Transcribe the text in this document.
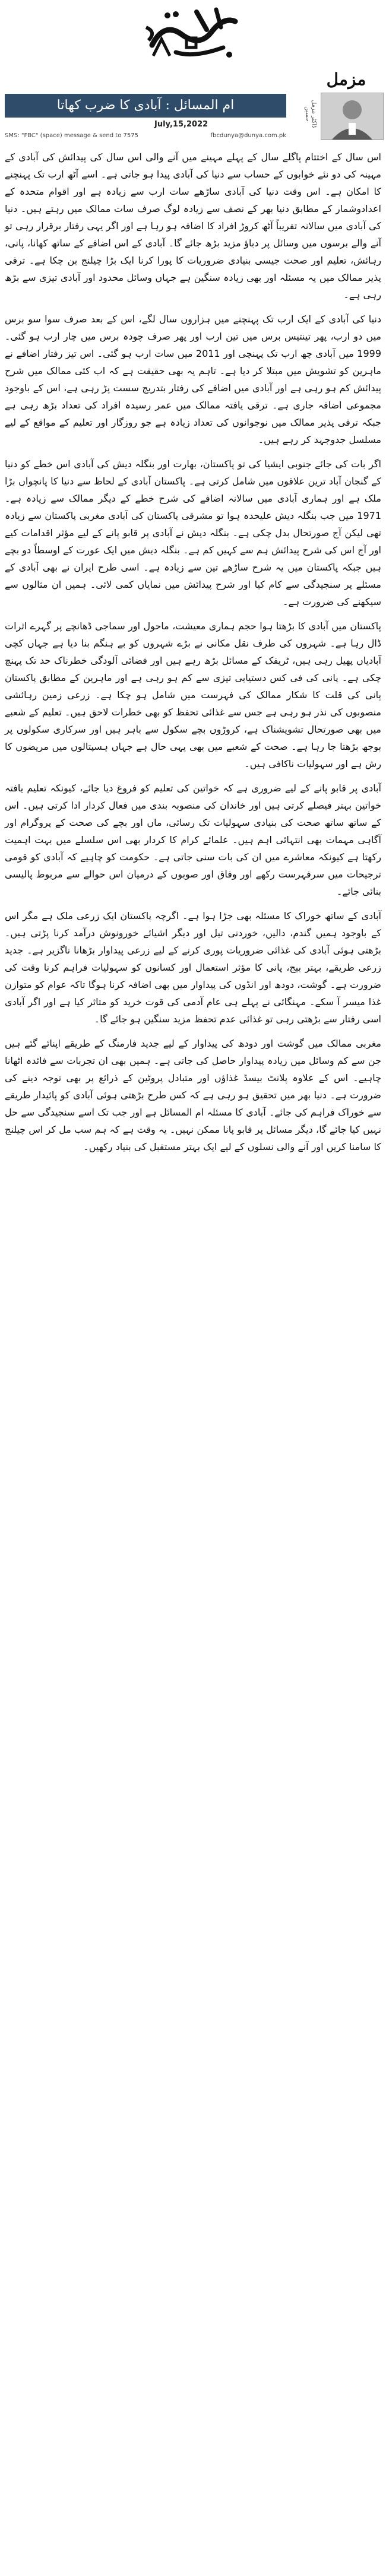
ام المسائل : آبادی کا ضرب کھاتا
July,15,2022
SMS: "FBC" (space) message & send to 7575	fbcdunya@dunya.com.pk
مزمل
ڈاکٹر مزمل حسین

اس سال کے اختتام پاگلے سال کے پہلے مہینے میں آنے والی اس سال کی پیدائش کی آبادی کے مہینہ کی دو نئے خوابوں کے حساب سے دنیا کی آبادی پیدا ہو جاتی ہے۔ اسے آٹھ ارب تک پہنچنے کا امکان ہے۔ اس وقت دنیا کی آبادی ساڑھے سات ارب سے زیادہ ہے اور اقوام متحدہ کے اعدادوشمار کے مطابق دنیا بھر کے نصف سے زیادہ لوگ صرف سات ممالک میں رہتے ہیں۔ دنیا کی آبادی میں سالانہ تقریباً آٹھ کروڑ افراد کا اضافہ ہو رہا ہے اور اگر یہی رفتار برقرار رہی تو آنے والے برسوں میں وسائل پر دباؤ مزید بڑھ جائے گا۔ آبادی کے اس اضافے کے ساتھ کھانا، پانی، رہائش، تعلیم اور صحت جیسی بنیادی ضروریات کا پورا کرنا ایک بڑا چیلنج بن چکا ہے۔ ترقی پذیر ممالک میں یہ مسئلہ اور بھی زیادہ سنگین ہے جہاں وسائل محدود اور آبادی تیزی سے بڑھ رہی ہے۔

دنیا کی آبادی کے ایک ارب تک پہنچنے میں ہزاروں سال لگے، اس کے بعد صرف سوا سو برس میں دو ارب، پھر تینتیس برس میں تین ارب اور پھر صرف چودہ برس میں چار ارب ہو گئی۔ 1999 میں آبادی چھ ارب تک پہنچی اور 2011 میں سات ارب ہو گئی۔ اس تیز رفتار اضافے نے ماہرین کو تشویش میں مبتلا کر دیا ہے۔ تاہم یہ بھی حقیقت ہے کہ اب کئی ممالک میں شرح پیدائش کم ہو رہی ہے اور آبادی میں اضافے کی رفتار بتدریج سست پڑ رہی ہے، اس کے باوجود مجموعی اضافہ جاری ہے۔ ترقی یافتہ ممالک میں عمر رسیدہ افراد کی تعداد بڑھ رہی ہے جبکہ ترقی پذیر ممالک میں نوجوانوں کی تعداد زیادہ ہے جو روزگار اور تعلیم کے مواقع کے لیے مسلسل جدوجہد کر رہے ہیں۔

اگر بات کی جائے جنوبی ایشیا کی تو پاکستان، بھارت اور بنگلہ دیش کی آبادی اس خطے کو دنیا کے گنجان آباد ترین علاقوں میں شامل کرتی ہے۔ پاکستان آبادی کے لحاظ سے دنیا کا پانچواں بڑا ملک ہے اور ہماری آبادی میں سالانہ اضافے کی شرح خطے کے دیگر ممالک سے زیادہ ہے۔ 1971 میں جب بنگلہ دیش علیحدہ ہوا تو مشرقی پاکستان کی آبادی مغربی پاکستان سے زیادہ تھی لیکن آج صورتحال بدل چکی ہے۔ بنگلہ دیش نے آبادی پر قابو پانے کے لیے مؤثر اقدامات کیے اور آج اس کی شرح پیدائش ہم سے کہیں کم ہے۔ بنگلہ دیش میں ایک عورت کے اوسطاً دو بچے ہیں جبکہ پاکستان میں یہ شرح ساڑھے تین سے زیادہ ہے۔ اسی طرح ایران نے بھی آبادی کے مسئلے پر سنجیدگی سے کام کیا اور شرح پیدائش میں نمایاں کمی لائی۔ ہمیں ان مثالوں سے سیکھنے کی ضرورت ہے۔

پاکستان میں آبادی کا بڑھتا ہوا حجم ہماری معیشت، ماحول اور سماجی ڈھانچے پر گہرے اثرات ڈال رہا ہے۔ شہروں کی طرف نقل مکانی نے بڑے شہروں کو بے ہنگم بنا دیا ہے جہاں کچی آبادیاں پھیل رہی ہیں، ٹریفک کے مسائل بڑھ رہے ہیں اور فضائی آلودگی خطرناک حد تک پہنچ چکی ہے۔ پانی کی فی کس دستیابی تیزی سے کم ہو رہی ہے اور ماہرین کے مطابق پاکستان پانی کی قلت کا شکار ممالک کی فہرست میں شامل ہو چکا ہے۔ زرعی زمین رہائشی منصوبوں کی نذر ہو رہی ہے جس سے غذائی تحفظ کو بھی خطرات لاحق ہیں۔ تعلیم کے شعبے میں بھی صورتحال تشویشناک ہے، کروڑوں بچے سکول سے باہر ہیں اور سرکاری سکولوں پر بوجھ بڑھتا جا رہا ہے۔ صحت کے شعبے میں بھی یہی حال ہے جہاں ہسپتالوں میں مریضوں کا رش ہے اور سہولیات ناکافی ہیں۔

آبادی پر قابو پانے کے لیے ضروری ہے کہ خواتین کی تعلیم کو فروغ دیا جائے، کیونکہ تعلیم یافتہ خواتین بہتر فیصلے کرتی ہیں اور خاندان کی منصوبہ بندی میں فعال کردار ادا کرتی ہیں۔ اس کے ساتھ ساتھ صحت کی بنیادی سہولیات تک رسائی، ماں اور بچے کی صحت کے پروگرام اور آگاہی مہمات بھی انتہائی اہم ہیں۔ علمائے کرام کا کردار بھی اس سلسلے میں بہت اہمیت رکھتا ہے کیونکہ معاشرے میں ان کی بات سنی جاتی ہے۔ حکومت کو چاہیے کہ آبادی کو قومی ترجیحات میں سرفہرست رکھے اور وفاق اور صوبوں کے درمیان اس حوالے سے مربوط پالیسی بنائی جائے۔

آبادی کے ساتھ خوراک کا مسئلہ بھی جڑا ہوا ہے۔ اگرچہ پاکستان ایک زرعی ملک ہے مگر اس کے باوجود ہمیں گندم، دالیں، خوردنی تیل اور دیگر اشیائے خورونوش درآمد کرنا پڑتی ہیں۔ بڑھتی ہوئی آبادی کی غذائی ضروریات پوری کرنے کے لیے زرعی پیداوار بڑھانا ناگزیر ہے۔ جدید زرعی طریقے، بہتر بیج، پانی کا مؤثر استعمال اور کسانوں کو سہولیات فراہم کرنا وقت کی ضرورت ہے۔ گوشت، دودھ اور انڈوں کی پیداوار میں بھی اضافہ کرنا ہوگا تاکہ عوام کو متوازن غذا میسر آ سکے۔ مہنگائی نے پہلے ہی عام آدمی کی قوت خرید کو متاثر کیا ہے اور اگر آبادی اسی رفتار سے بڑھتی رہی تو غذائی عدم تحفظ مزید سنگین ہو جائے گا۔

مغربی ممالک میں گوشت اور دودھ کی پیداوار کے لیے جدید فارمنگ کے طریقے اپنائے گئے ہیں جن سے کم وسائل میں زیادہ پیداوار حاصل کی جاتی ہے۔ ہمیں بھی ان تجربات سے فائدہ اٹھانا چاہیے۔ اس کے علاوہ پلانٹ بیسڈ غذاؤں اور متبادل پروٹین کے ذرائع پر بھی توجہ دینے کی ضرورت ہے۔ دنیا بھر میں تحقیق ہو رہی ہے کہ کس طرح بڑھتی ہوئی آبادی کو پائیدار طریقے سے خوراک فراہم کی جائے۔ آبادی کا مسئلہ ام المسائل ہے اور جب تک اسے سنجیدگی سے حل نہیں کیا جائے گا، دیگر مسائل پر قابو پانا ممکن نہیں۔ یہ وقت ہے کہ ہم سب مل کر اس چیلنج کا سامنا کریں اور آنے والی نسلوں کے لیے ایک بہتر مستقبل کی بنیاد رکھیں۔
